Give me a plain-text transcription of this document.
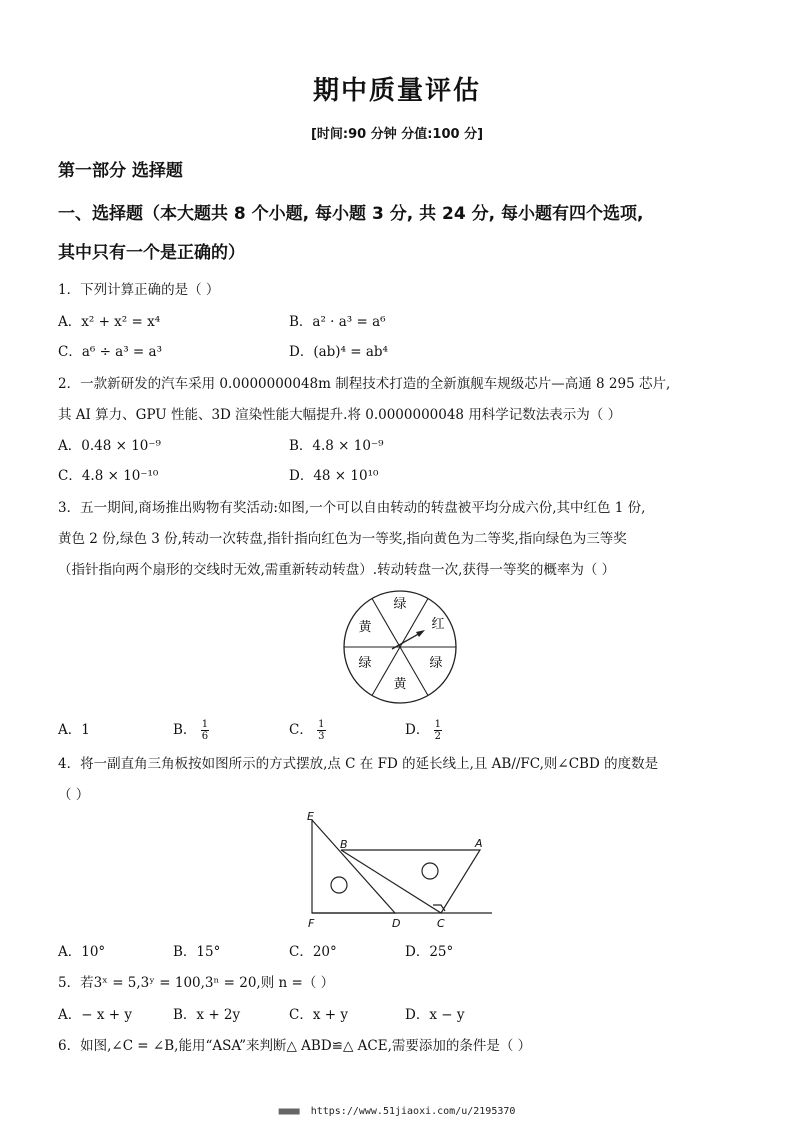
期中质量评估
[时间:90 分钟 分值:100 分]
第一部分 选择题
一、选择题（本大题共 8 个小题, 每小题 3 分, 共 24 分, 每小题有四个选项,
其中只有一个是正确的）
1．下列计算正确的是（ ）
A．x² + x² = x⁴	B．a² · a³ = a⁶
C．a⁶ ÷ a³ = a³	D．(ab)⁴ = ab⁴
2．一款新研发的汽车采用 0.0000000048m 制程技术打造的全新旗舰车规级芯片—高通 8 295 芯片,
其 AI 算力、GPU 性能、3D 渲染性能大幅提升.将 0.0000000048 用科学记数法表示为（ ）
A．0.48 × 10⁻⁹	B．4.8 × 10⁻⁹
C．4.8 × 10⁻¹⁰	D．48 × 10¹⁰
3．五一期间,商场推出购物有奖活动:如图,一个可以自由转动的转盘被平均分成六份,其中红色 1 份,
黄色 2 份,绿色 3 份,转动一次转盘,指针指向红色为一等奖,指向黄色为二等奖,指向绿色为三等奖
（指针指向两个扇形的交线时无效,需重新转动转盘）.转动转盘一次,获得一等奖的概率为（ ）
绿
红
绿
黄
绿
黄
A．1	B． $\frac{1}{6}$	C． $\frac{1}{3}$	D． $\frac{1}{2}$
4．将一副直角三角板按如图所示的方式摆放,点 C 在 FD 的延长线上,且 AB//FC,则∠CBD 的度数是
（ ）
E
B	A
F	D	C
A．10°	B．15°	C．20°	D．25°
5．若3ˣ = 5,3ʸ = 100,3ⁿ = 20,则 n =（ ）
A．− x + y	B．x + 2y	C．x + y	D．x − y
6．如图,∠C = ∠B,能用“ASA”来判断△ ABD≌△ ACE,需要添加的条件是（ ）
■■■■ https://www.51jiaoxi.com/u/2195370
